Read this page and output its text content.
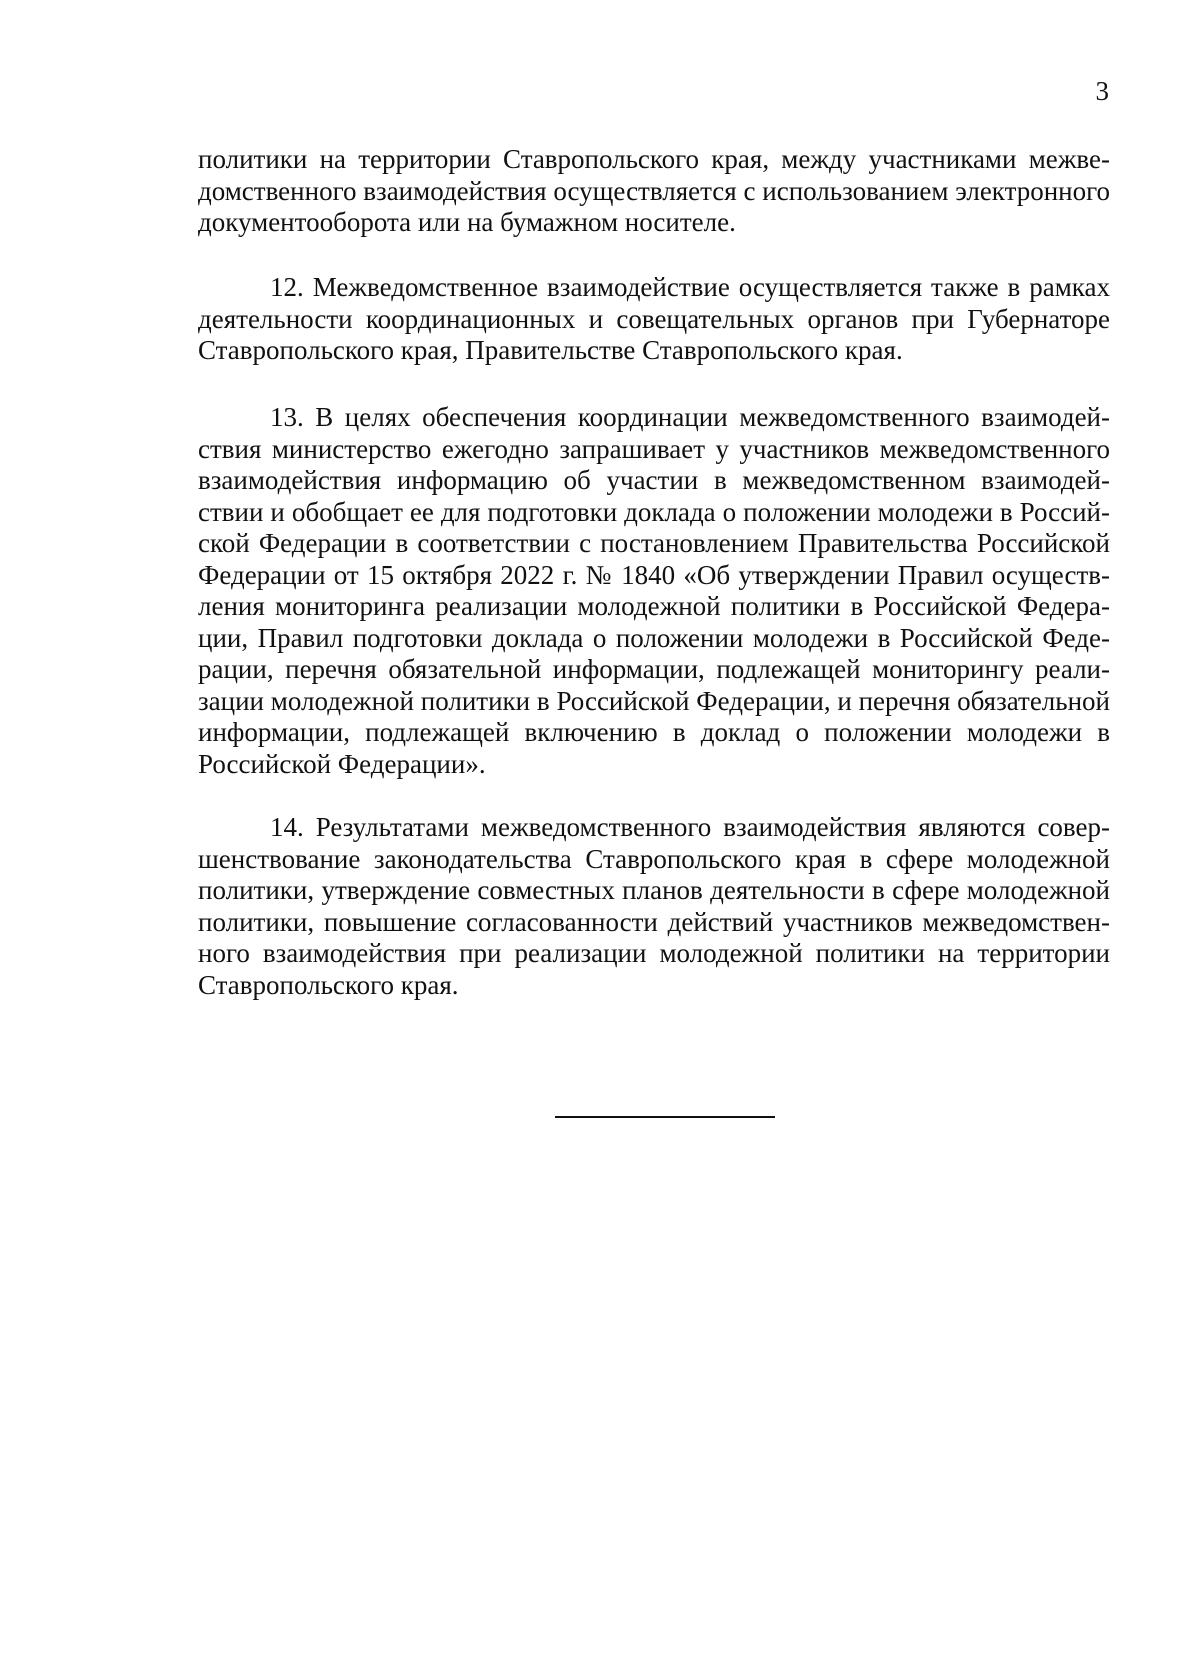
3

политики на территории Ставропольского края, между участниками межведомственного взаимодействия осуществляется с использованием электронного документооборота или на бумажном носителе.

12. Межведомственное взаимодействие осуществляется также в рамках деятельности координационных и совещательных органов при Губернаторе Ставропольского края, Правительстве Ставропольского края.

13. В целях обеспечения координации межведомственного взаимодействия министерство ежегодно запрашивает у участников межведомственного взаимодействия информацию об участии в межведомственном взаимодействии и обобщает ее для подготовки доклада о положении молодежи в Российской Федерации в соответствии с постановлением Правительства Российской Федерации от 15 октября 2022 г. № 1840 «Об утверждении Правил осуществления мониторинга реализации молодежной политики в Российской Федерации, Правил подготовки доклада о положении молодежи в Российской Федерации, перечня обязательной информации, подлежащей мониторингу реализации молодежной политики в Российской Федерации, и перечня обязательной информации, подлежащей включению в доклад о положении молодежи в Российской Федерации».

14. Результатами межведомственного взаимодействия являются совершенствование законодательства Ставропольского края в сфере молодежной политики, утверждение совместных планов деятельности в сфере молодежной политики, повышение согласованности действий участников межведомственного взаимодействия при реализации молодежной политики на территории Ставропольского края.
